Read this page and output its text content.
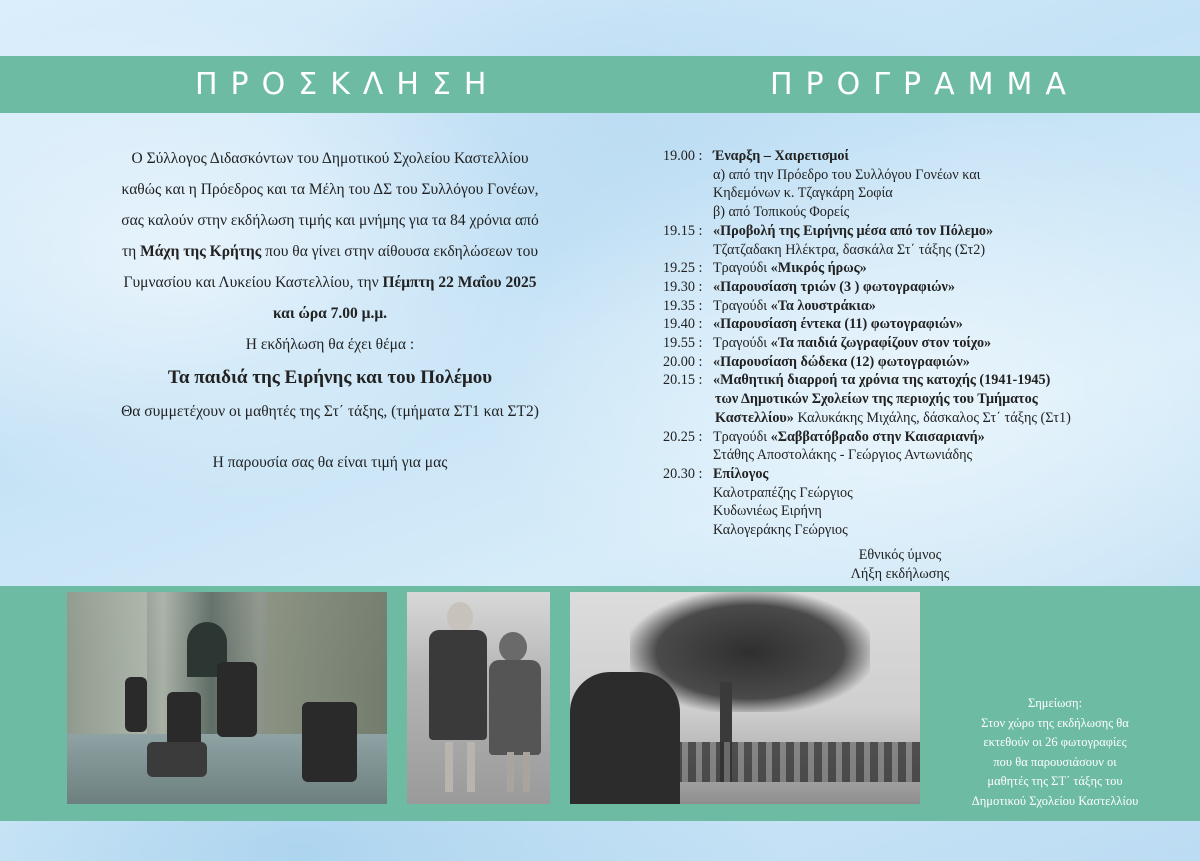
ΠΡΟΣΚΛΗΣΗ	ΠΡΟΓΡΑΜΜΑ
Ο Σύλλογος Διδασκόντων του Δημοτικού Σχολείου Καστελλίου
καθώς και η Πρόεδρος και τα Μέλη του ΔΣ του Συλλόγου Γονέων,
σας καλούν στην εκδήλωση τιμής και μνήμης για τα 84 χρόνια από
τη Μάχη της Κρήτης που θα γίνει στην αίθουσα εκδηλώσεων του
Γυμνασίου και Λυκείου Καστελλίου, την Πέμπτη 22 Μαΐου 2025
και ώρα 7.00 μ.μ.
Η εκδήλωση θα έχει θέμα :
Τα παιδιά της Ειρήνης και του Πολέμου
Θα συμμετέχουν οι μαθητές της Στ΄ τάξης, (τμήματα ΣΤ1 και ΣΤ2)
Η παρουσία σας θα είναι τιμή για μας
19.00 : Έναρξη – Χαιρετισμοί
α) από την Πρόεδρο του Συλλόγου Γονέων και
Κηδεμόνων κ. Τζαγκάρη Σοφία
β) από Τοπικούς Φορείς
19.15 : «Προβολή της Ειρήνης μέσα από τον Πόλεμο»
Τζατζαδακη Ηλέκτρα, δασκάλα Στ΄ τάξης (Στ2)
19.25 : Τραγούδι «Μικρός ήρως»
19.30 : «Παρουσίαση τριών (3 ) φωτογραφιών»
19.35 : Τραγούδι «Τα λουστράκια»
19.40 : «Παρουσίαση έντεκα (11) φωτογραφιών»
19.55 : Τραγούδι «Τα παιδιά ζωγραφίζουν στον τοίχο»
20.00 : «Παρουσίαση δώδεκα (12) φωτογραφιών»
20.15 : «Μαθητική διαρροή τα χρόνια της κατοχής (1941-1945)
των Δημοτικών Σχολείων της περιοχής του Τμήματος
Καστελλίου» Καλυκάκης Μιχάλης, δάσκαλος Στ΄ τάξης (Στ1)
20.25 : Τραγούδι «Σαββατόβραδο στην Καισαριανή»
Στάθης Αποστολάκης - Γεώργιος Αντωνιάδης
20.30 : Επίλογος
Καλοτραπέζης Γεώργιος
Κυδωνιέως Ειρήνη
Καλογεράκης Γεώργιος
Εθνικός ύμνος
Λήξη εκδήλωσης
Σημείωση:
Στον χώρο της εκδήλωσης θα
εκτεθούν οι 26 φωτογραφίες
που θα παρουσιάσουν οι
μαθητές της ΣΤ΄ τάξης του
Δημοτικού Σχολείου Καστελλίου
